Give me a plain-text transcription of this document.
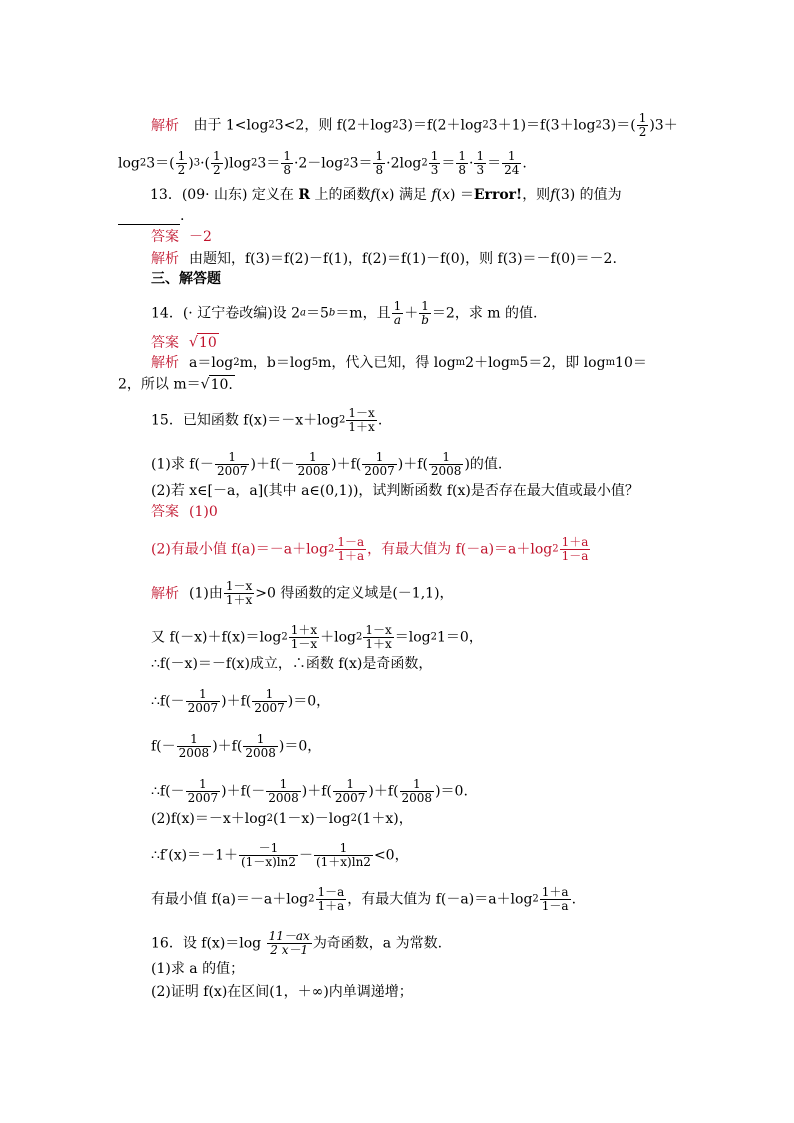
解析 由于 1<log23<2，则 $f(2+\log 23)=f(2+\log 23+1)=f(3+\log 23)=( \frac{1}{2} )3+$
$\log 23=( \frac{1}{2} )3\cdot( \frac{1}{2} )\log 23= \frac{1}{8} \cdot 2-\log 23= \frac{1}{8} \cdot 2\log 2 \frac{1}{3} = \frac{1}{8} \cdot \frac{1}{3} = \frac{1}{24}$ .
13．(09· 山东) 定义在 R 上的函数f(x) 满足 f(x) ＝Error!，则f(3) 的值为
.
答案 －2
解析 由题知，f(3)＝f(2)－f(1)，f(2)＝f(1)－f(0)，则 f(3)＝－f(0)＝－2.
三、解答题
14．(· 辽宁卷改编)设 2a＝5b＝m，且 $\frac{1}{a} + \frac{1}{b} =2$，求 m 的值.
答案 √10
解析 a＝log2m，b＝log5m，代入已知，得 logm2＋logm5＝2，即 logm10＝
2，所以 m＝√10.
15．已知函数 $f(x)=-x+\log 2 \frac{1-x}{1+x}$ .
(1)求 $f(- \frac{1}{2007} )+f(- \frac{1}{2008} )+f( \frac{1}{2007} )+f( \frac{1}{2008}$ )的值.
(2)若 x∈[－a，a](其中 a∈(0,1))，试判断函数 f(x)是否存在最大值或最小值？
答案 (1)0
(2)有最小值 $f(a)=-a+\log 2 \frac{1-a}{1+a}$ ，有最大值为 $f(-a)=a+\log 2 \frac{1+a}{1-a}$
解析 (1)由 $\frac{1-x}{1+x} >0$ 得函数的定义域是(－1,1)，
又 $f(-x)+f(x)=\log 2 \frac{1+x}{1-x} +\log 2 \frac{1-x}{1+x} =\log 21=0$，
∴f(－x)＝－f(x)成立，∴函数 f(x)是奇函数，
∴f(－ $\frac{1}{2007} )+f( \frac{1}{2007} )=0$，
$f(- \frac{1}{2008} )+f( \frac{1}{2008} )=0$，
∴f(－ $\frac{1}{2007} )+f(- \frac{1}{2008} )+f( \frac{1}{2007} )+f( \frac{1}{2008} )=0$.
(2)f(x)＝－x＋log2(1－x)－log2(1＋x)，
∴f′(x)＝－1＋ $\frac{-1}{(1-x)\ln 2} - \frac{1}{(1+x)\ln 2} <0$，
有最小值 $f(a)=-a+\log 2 \frac{1-a}{1+a}$ ，有最大值为 $f(-a)=a+\log 2 \frac{1+a}{1-a}$ .
16．设 $f(x)=\log \frac{11-ax}{2 x-1}$ 为奇函数，a 为常数.
(1)求 a 的值；
(2)证明 f(x)在区间(1，＋∞)内单调递增；
